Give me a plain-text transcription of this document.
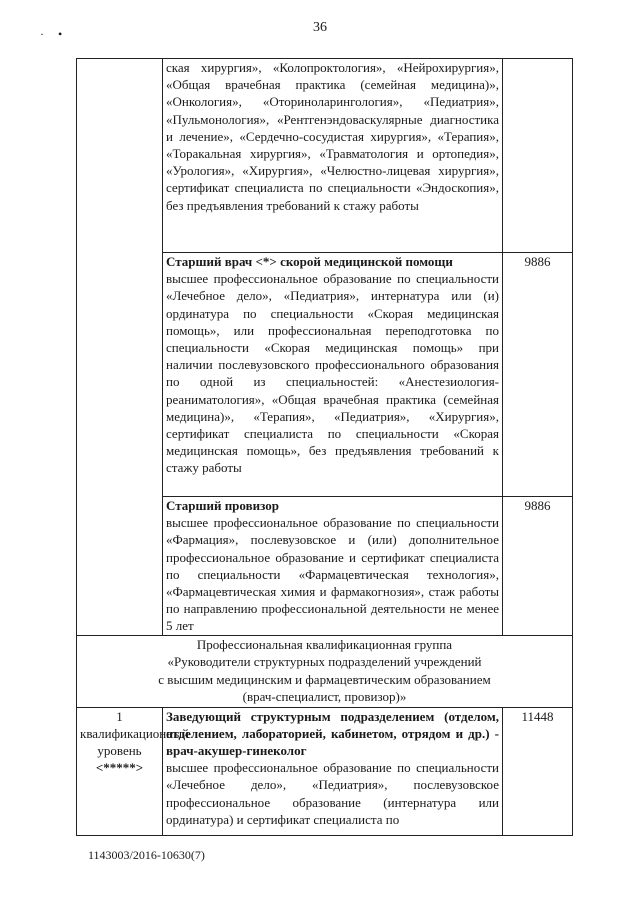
36
·•
	ская хирургия», «Колопроктология», «Нейрохирургия», «Общая врачебная практика (семейная медицина)», «Онкология», «Оториноларингология», «Педиатрия», «Пульмонология», «Рентгенэндоваскулярные диагностика и лечение», «Сердечно-сосудистая хирургия», «Терапия», «Торакальная хирургия», «Травматология и ортопедия», «Урология», «Хирургия», «Челюстно-лицевая хирургия», сертификат специалиста по специальности «Эндоскопия», без предъявления требований к стажу работы	

	Старший врач <*> скорой медицинской помощи
высшее профессиональное образование по специальности «Лечебное дело», «Педиатрия», интернатура или (и) ординатура по специальности «Скорая медицинская помощь», или профессиональная переподготовка по специальности «Скорая медицинская помощь» при наличии послевузовского профессионального образования по одной из специальностей: «Анестезиология-реаниматология», «Общая врачебная практика (семейная медицина)», «Терапия», «Педиатрия», «Хирургия», сертификат специалиста по специальности «Скорая медицинская помощь», без предъявления требований к стажу работы	9886

	Старший провизор
высшее профессиональное образование по специальности «Фармация», послевузовское и (или) дополнительное профессиональное образование и сертификат специалиста по специальности «Фармацевтическая технология», «Фармацевтическая химия и фармакогнозия», стаж работы по направлению профессиональной деятельности не менее 5 лет	9886

Профессиональная квалификационная группа
«Руководители структурных подразделений учреждений
с высшим медицинским и фармацевтическим образованием
(врач-специалист, провизор)»		

1 квалификационный уровень
<*****>	Заведующий структурным подразделением (отделом, отделением, лабораторией, кабинетом, отрядом и др.) - врач-акушер-гинеколог
высшее профессиональное образование по специальности «Лечебное дело», «Педиатрия», послевузовское профессиональное образование (интернатура или ординатура) и сертификат специалиста по	11448
1143003/2016-10630(7)
